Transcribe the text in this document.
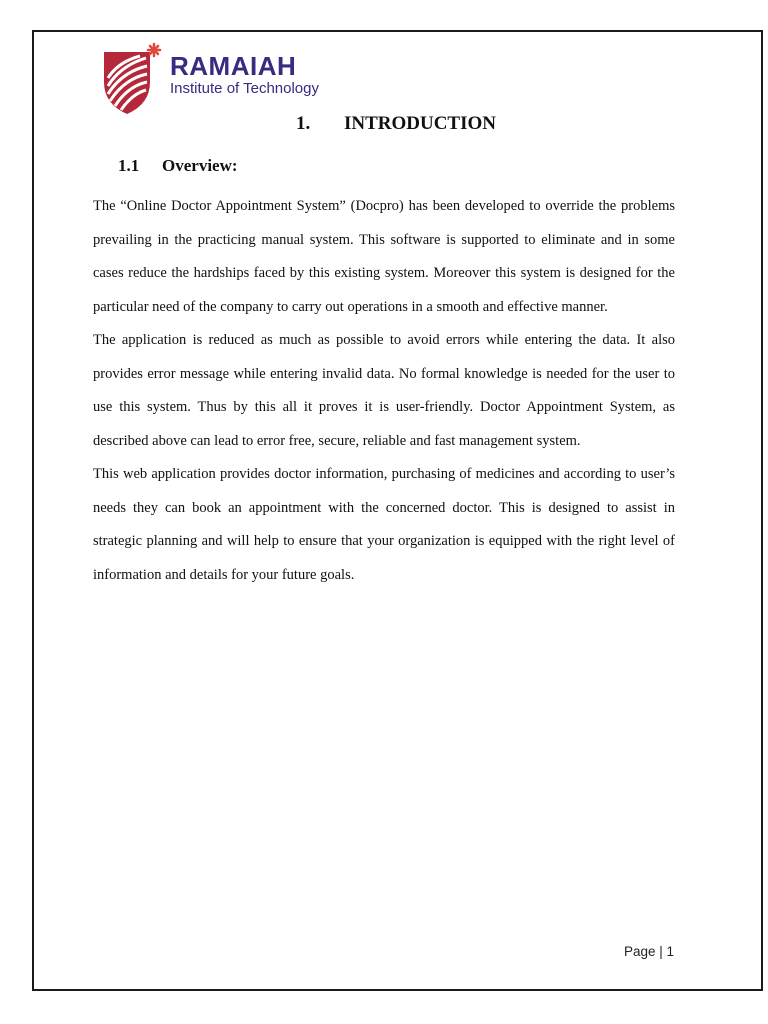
RAMAIAH
Institute of Technology
1. INTRODUCTION
1.1 Overview:

The “Online Doctor Appointment System” (Docpro) has been developed to override the problems prevailing in the practicing manual system. This software is supported to eliminate and in some cases reduce the hardships faced by this existing system. Moreover this system is designed for the particular need of the company to carry out operations in a smooth and effective manner.

The application is reduced as much as possible to avoid errors while entering the data. It also provides error message while entering invalid data. No formal knowledge is needed for the user to use this system. Thus by this all it proves it is user-friendly. Doctor Appointment System, as described above can lead to error free, secure, reliable and fast management system.

This web application provides doctor information, purchasing of medicines and according to user’s needs they can book an appointment with the concerned doctor. This is designed to assist in strategic planning and will help to ensure that your organization is equipped with the right level of information and details for your future goals.

Page | 1
